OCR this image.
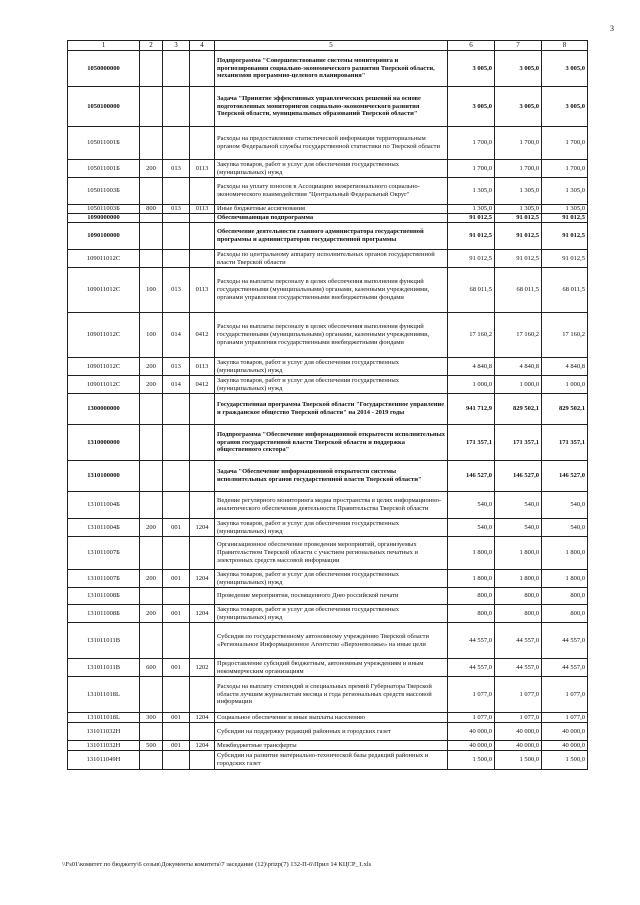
3
1	2	3	4	5	6	7	8
1050000000				Подпрограмма "Совершенствование системы мониторинга и прогнозирования социально-экономического развития Тверской области, механизмов программно-целевого планирования"	3 005,0	3 005,0	3 005,0
1050100000				Задача "Принятие эффективных управленческих решений на основе подготовленных мониторингов социально-экономического развития Тверской области, муниципальных образований Тверской области"	3 005,0	3 005,0	3 005,0
105011001Б				Расходы на предоставление статистической информации территориальным органом Федеральной службы государственной статистики по Тверской области	1 700,0	1 700,0	1 700,0
105011001Б	200	013	0113	Закупка товаров, работ и услуг для обеспечения государственных (муниципальных) нужд	1 700,0	1 700,0	1 700,0
105011003Б				Расходы на уплату взносов в Ассоциацию межрегионального социально-экономического взаимодействия "Центральный Федеральный Округ"	1 305,0	1 305,0	1 305,0
105011003Б	800	013	0113	Иные бюджетные ассигнования	1 305,0	1 305,0	1 305,0
1090000000				Обеспечивающая подпрограмма	91 012,5	91 012,5	91 012,5
1090100000				Обеспечение деятельности главного администратора государственной программы и администраторов государственной программы	91 012,5	91 012,5	91 012,5
109011012С				Расходы по центральному аппарату исполнительных органов государственной власти Тверской области	91 012,5	91 012,5	91 012,5
109011012С	100	013	0113	Расходы на выплаты персоналу в целях обеспечения выполнения функций государственными (муниципальными) органами, казенными учреждениями, органами управления государственными внебюджетными фондами	68 011,5	68 011,5	68 011,5
109011012С	100	014	0412	Расходы на выплаты персоналу в целях обеспечения выполнения функций государственными (муниципальными) органами, казенными учреждениями, органами управления государственными внебюджетными фондами	17 160,2	17 160,2	17 160,2
109011012С	200	013	0113	Закупка товаров, работ и услуг для обеспечения государственных (муниципальных) нужд	4 840,8	4 840,8	4 840,8
109011012С	200	014	0412	Закупка товаров, работ и услуг для обеспечения государственных (муниципальных) нужд	1 000,0	1 000,0	1 000,0
1300000000				Государственная программа Тверской области "Государственное управление и гражданское общество Тверской области" на 2014 - 2019 годы	941 712,9	829 502,1	829 502,1
1310000000				Подпрограмма "Обеспечение информационной открытости исполнительных органов государственной власти Тверской области и поддержка общественного сектора"	171 357,1	171 357,1	171 357,1
1310100000				Задача "Обеспечение информационной открытости системы исполнительных органов государственной власти Тверской области"	146 527,0	146 527,0	146 527,0
131011004Б				Ведение регулярного мониторинга медиа пространства в целях информационно-аналитического обеспечения деятельности Правительства Тверской области	540,0	540,0	540,0
131011004Б	200	001	1204	Закупка товаров, работ и услуг для обеспечения государственных (муниципальных) нужд	540,0	540,0	540,0
131011007Б				Организационное обеспечение проведения мероприятий, организуемых Правительством Тверской области с участием региональных печатных и электронных средств массовой информации	1 800,0	1 800,0	1 800,0
131011007Б	200	001	1204	Закупка товаров, работ и услуг для обеспечения государственных (муниципальных) нужд	1 800,0	1 800,0	1 800,0
131011008Б				Проведение мероприятия, посвященного Дню российской печати	800,0	800,0	800,0
131011008Б	200	001	1204	Закупка товаров, работ и услуг для обеспечения государственных (муниципальных) нужд	800,0	800,0	800,0
131011011В				Субсидия по государственному автономному учреждению Тверской области «Региональное Информационное Агентство «Верхневолжье» на иные цели	44 557,0	44 557,0	44 557,0
131011011В	600	001	1202	Предоставление субсидий бюджетным, автономным учреждениям и иным некоммерческим организациям	44 557,0	44 557,0	44 557,0
131011018L				Расходы на выплату стипендий и специальных премий Губернатора Тверской области лучшим журналистам месяца и года региональных средств массовой информации	1 077,0	1 077,0	1 077,0
131011018L	300	001	1204	Социальное обеспечение и иные выплаты населению	1 077,0	1 077,0	1 077,0
131011032Н				Субсидии на поддержку редакций районных и городских газет	40 000,0	40 000,0	40 000,0
131011032Н	500	001	1204	Межбюджетные трансферты	40 000,0	40 000,0	40 000,0
131011049Н				Субсидии на развитие материально-технической базы редакций районных и городских газет	1 500,0	1 500,0	1 500,0
\\Fs01\комитет по бюджету\6 созыв\Документы комитета\7 заседание (12)\prizp(7) 132-П-6\Прил 14 КЦСР_1.xls
